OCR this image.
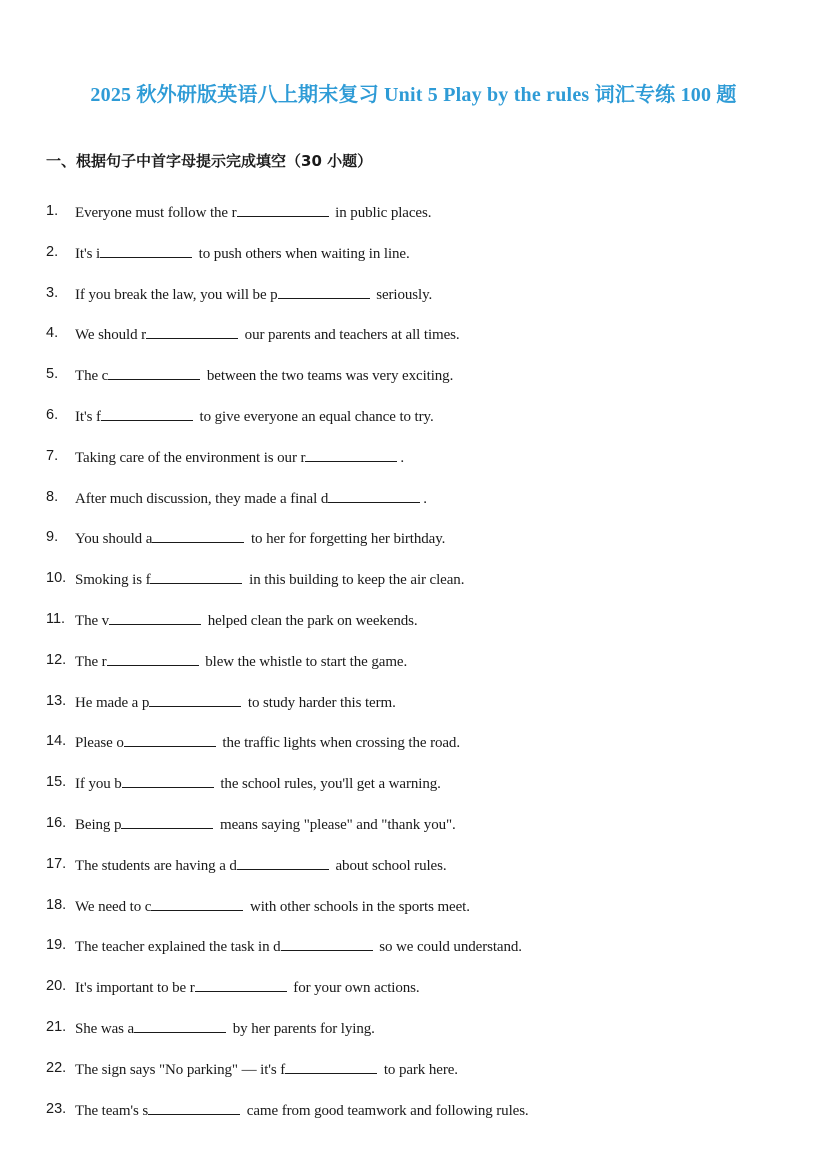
2025 秋外研版英语八上期末复习 Unit 5 Play by the rules 词汇专练 100 题
一、根据句子中首字母提示完成填空（30 小题）
1. Everyone must follow the r	in public places.
2. It's i	to push others when waiting in line.
3. If you break the law, you will be p	seriously.
4. We should r	our parents and teachers at all times.
5. The c	between the two teams was very exciting.
6. It's f	to give everyone an equal chance to try.
7. Taking care of the environment is our r	.
8. After much discussion, they made a final d	.
9. You should a	to her for forgetting her birthday.
10. Smoking is f	in this building to keep the air clean.
11. The v	helped clean the park on weekends.
12. The r	blew the whistle to start the game.
13. He made a p	to study harder this term.
14. Please o	the traffic lights when crossing the road.
15. If you b	the school rules, you'll get a warning.
16. Being p	means saying "please" and "thank you".
17. The students are having a d	about school rules.
18. We need to c	with other schools in the sports meet.
19. The teacher explained the task in d	so we could understand.
20. It's important to be r	for your own actions.
21. She was a	by her parents for lying.
22. The sign says "No parking" — it's f	to park here.
23. The team's s	came from good teamwork and following rules.
